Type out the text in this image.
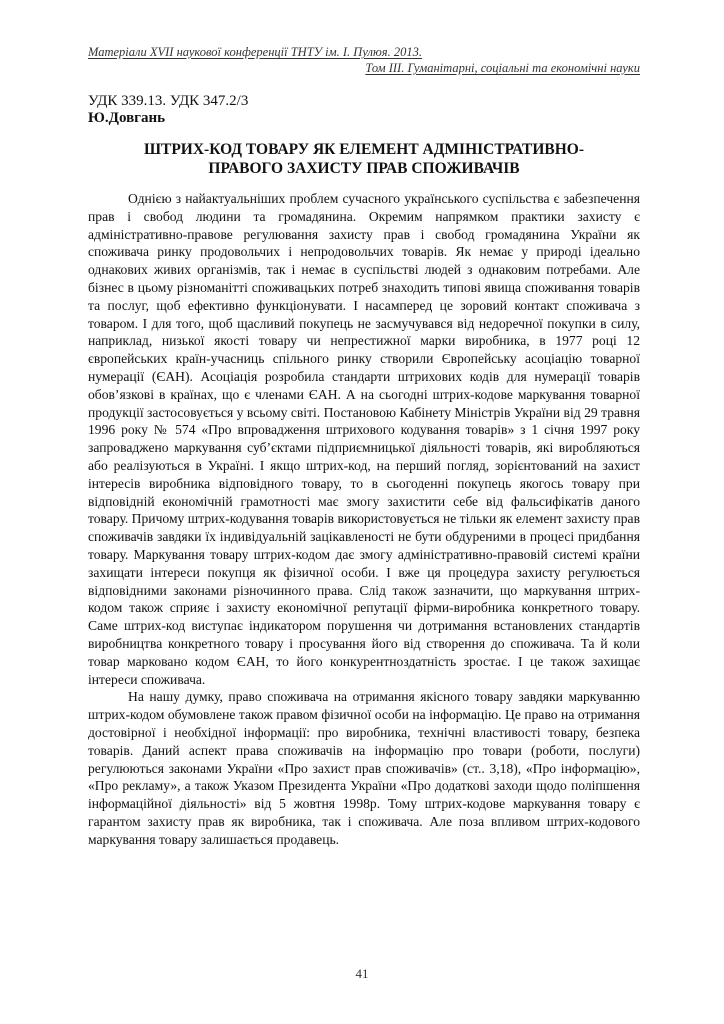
Матеріали XVІI наукової конференції ТНТУ ім. І. Пулюя. 2013.
Том ІІІ. Гуманітарні, соціальні та економічні науки
УДК 339.13. УДК 347.2/3
Ю.Довгань
ШТРИХ-КОД ТОВАРУ ЯК ЕЛЕМЕНТ АДМІНІСТРАТИВНО-
ПРАВОГО ЗАХИСТУ ПРАВ СПОЖИВАЧІВ

Однією з найактуальніших проблем сучасного українського суспільства є забезпечення прав і свобод людини та громадянина. Окремим напрямком практики захисту є адміністративно-правове регулювання захисту прав і свобод громадянина України як споживача ринку продовольчих і непродовольчих товарів. Як немає у природі ідеально однакових живих організмів, так і немає в суспільстві людей з однаковим потребами. Але бізнес в цьому різноманітті споживацьких потреб знаходить типові явища споживання товарів та послуг, щоб ефективно функціонувати. І насамперед це зоровий контакт споживача з товаром. І для того, щоб щасливий покупець не засмучувався від недоречної покупки в силу, наприклад, низької якості товару чи непрестижної марки виробника, в 1977 році 12 європейських країн-учасниць спільного ринку створили Європейську асоціацію товарної нумерації (ЄАН). Асоціація розробила стандарти штрихових кодів для нумерації товарів обов’язкові в країнах, що є членами ЄАН. А на сьогодні штрих-кодове маркування товарної продукції застосовується у всьому світі. Постановою Кабінету Міністрів України від 29 травня 1996 року № 574 «Про впровадження штрихового кодування товарів» з 1 січня 1997 року запроваджено маркування суб’єктами підприємницької діяльності товарів, які виробляються або реалізуються в Україні. І якщо штрих-код, на перший погляд, зорієнтований на захист інтересів виробника відповідного товару, то в сьогоденні покупець якогось товару при відповідній економічній грамотності має змогу захистити себе від фальсифікатів даного товару. Причому штрих-кодування товарів використовується не тільки як елемент захисту прав споживачів завдяки їх індивідуальній зацікавленості не бути обдуреними в процесі придбання товару. Маркування товару штрих-кодом дає змогу адміністративно-правовій системі країни захищати інтереси покупця як фізичної особи. І вже ця процедура захисту регулюється відповідними законами різночинного права. Слід також зазначити, що маркування штрих-кодом також сприяє і захисту економічної репутації фірми-виробника конкретного товару. Саме штрих-код виступає індикатором порушення чи дотримання встановлених стандартів виробництва конкретного товару і просування його від створення до споживача. Та й коли товар марковано кодом ЄАН, то його конкурентноздатність зростає. І це також захищає інтереси споживача.

На нашу думку, право споживача на отримання якісного товару завдяки маркуванню штрих-кодом обумовлене також правом фізичної особи на інформацію. Це право на отримання достовірної і необхідної інформації: про виробника, технічні властивості товару, безпека товарів. Даний аспект права споживачів на інформацію про товари (роботи, послуги) регулюються законами України «Про захист прав споживачів» (ст.. 3,18), «Про інформацію», «Про рекламу», а також Указом Президента України «Про додаткові заходи щодо поліпшення інформаційної діяльності» від 5 жовтня 1998р. Тому штрих-кодове маркування товару є гарантом захисту прав як виробника, так і споживача. Але поза впливом штрих-кодового маркування товару залишається продавець.

41
